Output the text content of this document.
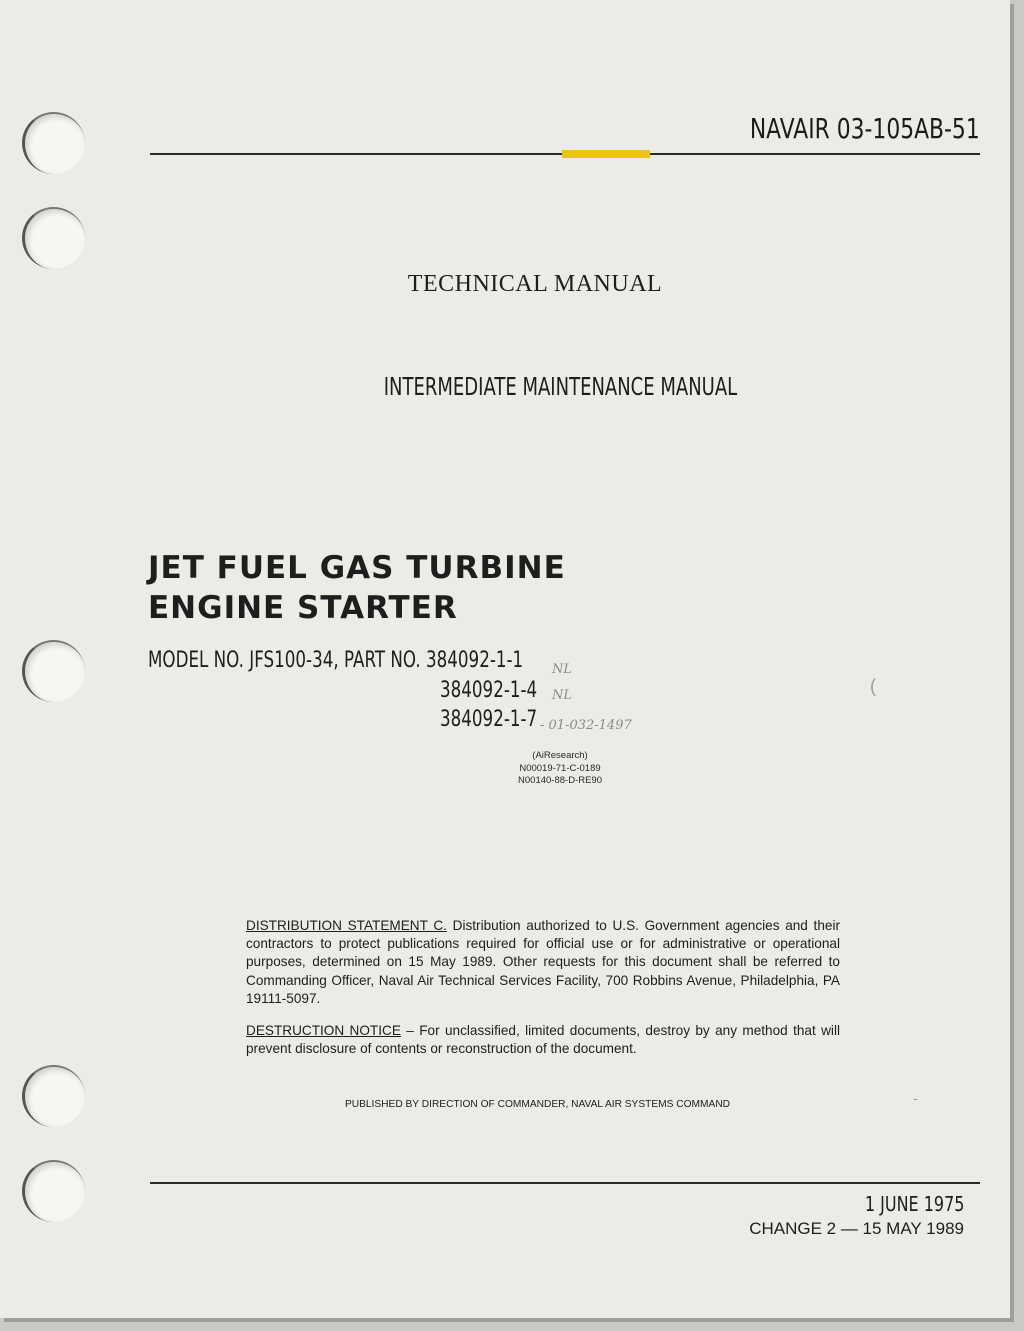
NAVAIR 03-105AB-51
TECHNICAL MANUAL
INTERMEDIATE MAINTENANCE MANUAL
JET FUEL GAS TURBINE
ENGINE STARTER
MODEL NO. JFS100-34, PART NO. 384092-1-1
384092-1-4
384092-1-7
NL
NL
- 01-032-1497
(AiResearch)
N00019-71-C-0189
N00140-88-D-RE90
DISTRIBUTION STATEMENT C. Distribution authorized to U.S. Government agencies and their contractors to protect publications required for official use or for administrative or operational purposes, determined on 15 May 1989. Other requests for this document shall be referred to Commanding Officer, Naval Air Technical Services Facility, 700 Robbins Avenue, Philadelphia, PA 19111-5097.
DESTRUCTION NOTICE – For unclassified, limited documents, destroy by any method that will prevent disclosure of contents or reconstruction of the document.
PUBLISHED BY DIRECTION OF COMMANDER, NAVAL AIR SYSTEMS COMMAND
1 JUNE 1975
CHANGE 2 — 15 MAY 1989
(
-
